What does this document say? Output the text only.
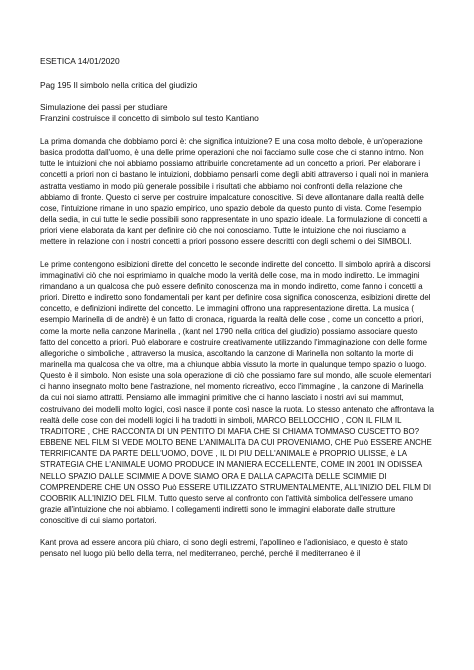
ESETICA 14/01/2020

Pag 195 Il simbolo nella critica del giudizio

Simulazione dei passi per studiare

Franzini costruisce il concetto di simbolo sul testo Kantiano

La prima domanda che dobbiamo porci è: che significa intuizione? E una cosa molto debole, è un'operazione basica prodotta dall'uomo, è una delle prime operazioni che noi facciamo sulle cose che ci stanno intrno. Non tutte le intuizioni che noi abbiamo possiamo attribuirle concretamente ad un concetto a priori. Per elaborare i concetti a priori non ci bastano le intuizioni, dobbiamo pensarli come degli abiti attraverso i quali noi in maniera astratta vestiamo in modo più generale possibile i risultati che abbiamo noi confronti della relazione che abbiamo di fronte. Questo ci serve per costruire impalcature conoscitive. Si deve allontanare dalla realtà delle cose, l'intuizione rimane in uno spazio empirico, uno spazio debole da questo punto di vista. Come l'esempio della sedia, in cui tutte le sedie possibili sono rappresentate in uno spazio ideale. La formulazione di concetti a priori viene elaborata da kant per definire ciò che noi conosciamo. Tutte le intuizione che noi riusciamo a mettere in relazione con i nostri concetti a priori possono essere descritti con degli schemi o dei SIMBOLI.

Le prime contengono esibizioni dirette del concetto le seconde indirette del concetto. Il simbolo aprirà a discorsi immaginativi ciò che noi esprimiamo in qualche modo la verità delle cose, ma in modo indiretto. Le immagini rimandano a un qualcosa che può essere definito conoscenza ma in mondo indiretto, come fanno i concetti a priori. Diretto e indiretto sono fondamentali per kant per definire cosa significa conoscenza, esibizioni dirette del concetto, e definizioni indirette del concetto. Le immagini offrono una rappresentazione diretta. La musica ( esempio Marinella di de andrè) è un fatto di cronaca, riguarda la realtà delle cose , come un concetto a priori, come la morte nella canzone Marinella , (kant nel 1790 nella critica del giudizio) possiamo associare questo fatto del concetto a priori. Può elaborare e costruire creativamente utilizzando l'immaginazione con delle forme allegoriche o simboliche , attraverso la musica, ascoltando la canzone di Marinella non soltanto la morte di marinella ma qualcosa che va oltre, ma a chiunque abbia vissuto la morte in qualunque tempo spazio o luogo. Questo è il simbolo. Non esiste una sola operazione di ciò che possiamo fare sul mondo, alle scuole elementari ci hanno insegnato molto bene l'astrazione, nel momento ricreativo, ecco l'immagine , la canzone di Marinella da cui noi siamo attratti. Pensiamo alle immagini primitive che ci hanno lasciato i nostri avi sui mammut, costruivano dei modelli molto logici, così nasce il ponte così nasce la ruota. Lo stesso antenato che affrontava la realtà delle cose con dei modelli logici li ha tradotti in simboli, MARCO BELLOCCHIO , CON IL FILM IL TRADITORE , CHE RACCONTA DI UN PENTITO DI MAFIA CHE SI CHIAMA TOMMASO CUSCETTO BO? EBBENE NEL FILM SI VEDE MOLTO BENE L'ANIMALITà DA CUI PROVENIAMO, CHE Può ESSERE ANCHE TERRIFICANTE DA PARTE DELL'UOMO, DOVE , IL DI PIU DELL'ANIMALE è PROPRIO ULISSE, è LA STRATEGIA CHE L'ANIMALE UOMO PRODUCE IN MANIERA ECCELLENTE, COME IN 2001 IN ODISSEA NELLO SPAZIO DALLE SCIMMIE A DOVE SIAMO ORA E DALLA CAPACITà DELLE SCIMMIE DI COMPRENDERE CHE UN OSSO Può ESSERE UTILIZZATO STRUMENTALMENTE, ALL'INIZIO DEL FILM DI COOBRIK ALL'INIZIO DEL FILM. Tutto questo serve al confronto con l'attività simbolica dell'essere umano grazie all'intuizione che noi abbiamo. I collegamenti indiretti sono le immagini elaborate dalle strutture conoscitive di cui siamo portatori.

Kant prova ad essere ancora più chiaro, ci sono degli estremi, l'apollineo e l'adionisiaco, e questo è stato pensato nel luogo più bello della terra, nel mediterraneo, perché, perché il mediterraneo è il
